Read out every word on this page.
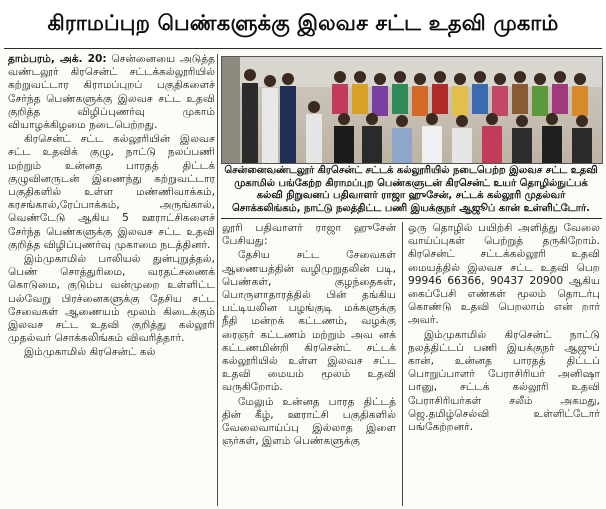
கிராமப்புற பெண்களுக்கு இலவச சட்ட உதவி முகாம்

தாம்பரம், அக். 20: சென்னையை அடுத்த வண்டலூர் கிரசென்ட் சட்டக்கல்லூரியில் கற்றுவட்டார கிராமப்புறப் பகுதிகளைச் சேர்ந்த பெண்களுக்கு இலவச சட்ட உதவி குறித்த விழிப்புணர்வு முகாம் வியாழக்கிழமை நடைபெற்றது.

கிரசென்ட் சட்ட கல்லூரியின் இலவச சட்ட உதவிக் குழு, நாட்டு நலப்பணி மற்றும் உன்னத பாரதத் திட்டக் குழுவினருடன் இணைந்து கற்றுவட்டார பகுதிகளில் உள்ள மண்ணிவாக்கம், கரசங்கால்,ரேப்பாக்கம், அருங்கால், வெண்டேடு ஆகிய 5 ஊராட்சிகளைச் சேர்ந்த பெண்களுக்கு இலவச சட்ட உதவி குறித்த விழிப்புணர்வு முகாமை நடத்தினர்.

இம்முகாமில் பாலியல் துன்புறுத்தல், பெண் சொத்துரிமை, வரதட்சணைக் கொடுமை, குடும்ப வன்முறை உள்ளிட்ட பல்வேறு பிரச்னைகளுக்கு தேசிய சட்ட சேவைகள் ஆணையம் மூலம் கிடைக்கும் இலவச சட்ட உதவி குறித்து கல்லூரி முதல்வர் சொக்கலிங்கம் விவரித்தார்.

இம்முகாமில் கிரசென்ட் கல்

சென்னைவண்டலூர் கிரசென்ட் சட்டக் கல்லூரியில் நடைபெற்ற இலவச சட்ட உதவி முகாமில் பங்கேற்ற கிராமப்புற பெண்களுடன் கிரசென்ட் உயர் தொழில்நுட்பக் கல்வி நிறுவனப் பதிவாளர் ராஜா ஹுசேன், சட்டக் கல்லூரி முதல்வர் சொக்கலிங்கம், நாட்டு நலத்திட்ட பணி இயக்குநர் ஆஜூப் கான் உள்ளிட்டோர்.

லூரி பதிவாளர் ராஜா ஹுசேன் பேசியது:

தேசிய சட்ட சேவைகள் ஆணையத்தின் வழிமுறுதலின் படி, பெண்கள், குழந்தைகள், பொருளாதாரத்தில் பின் தங்கிய பட்டியலின பழங்குடி மக்களுக்கு நீதி மன்றக் கட்டணம், வழக்கு ரைஞர் கட்டணம் மற்றும் அவ னக் கட்டணமின்றி கிரசென்ட் சட்டக் கல்லூரியில் உள்ள இலவச சட்ட உதவி மையம் மூலம் உதவி வருகிறோம்.

மேலும் உன்னத பாரத திட்டத் தின் கீழ், ஊராட்சி பகுதிகளில் வேலைவாய்ப்பு இல்லாத இளை ஞர்கள், இளம் பெண்களுக்கு

ஒரு தொழில் பயிற்சி அளித்து வேலை வாய்ப்புகள் பெற்றுத் தருகிறோம். கிரசென்ட் சட்டக்கல்லூரி உதவி மையத்தில் இலவச சட்ட உதவி பெற 99946 66366, 90437 20900 ஆகிய கைப்பேசி எண்கள் மூலம் தொடர்பு கொண்டு உதவி பெறலாம் என் றார் அவர்.

இம்முகாமில் கிரசென்ட் நாட்டு நலத்திட்டப் பணி இயக்குநர் ஆஜுப் கான், உன்னத பாரதத் திட்டப் பொறுப்பாளர் பேராசிரியர் அனிஷா பானு, சட்டக் கல்லூரி உதவி பேராசிரியர்கள் சலீம் அகமது, ஜெ.தமிழ்செல்வி உள்ளிட்டோர் பங்கேற்றனர்.
